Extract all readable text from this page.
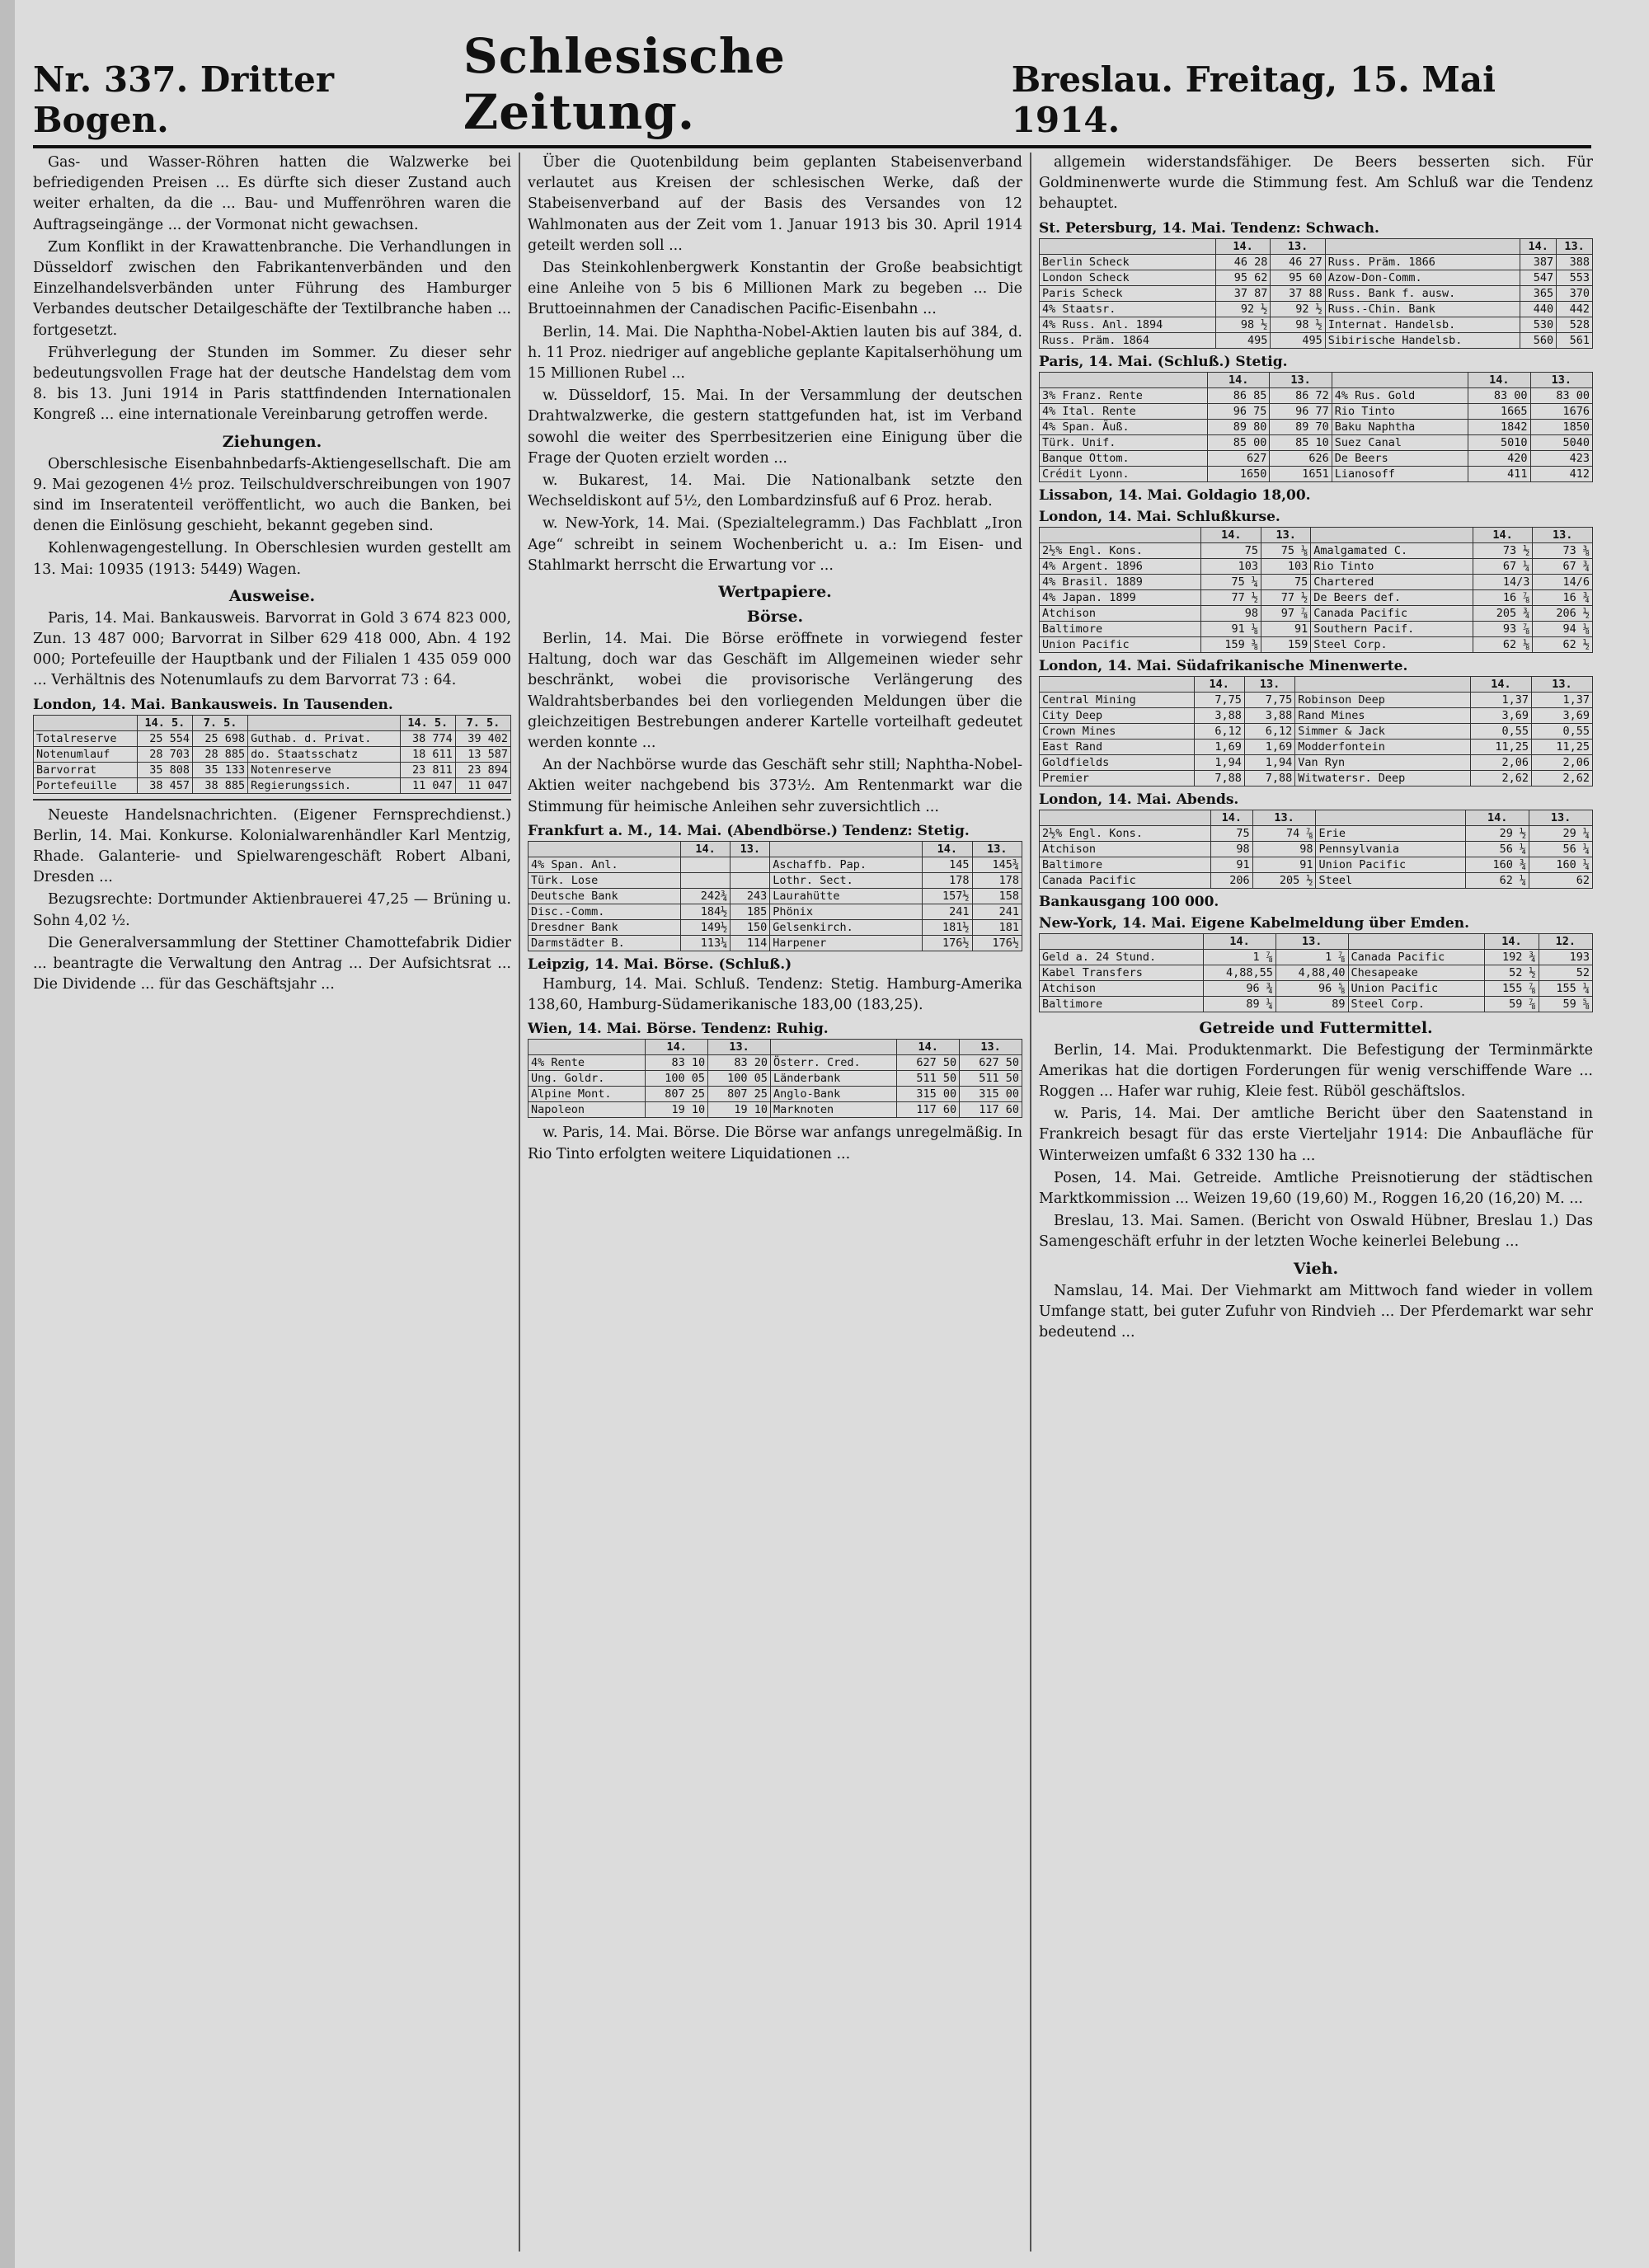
Nr. 337. Dritter Bogen.
Schlesische Zeitung.
Breslau. Freitag, 15. Mai 1914.

Gas- und Wasser-Röhren hatten die Walzwerke bei befriedigenden Preisen ... Es dürfte sich dieser Zustand auch weiter erhalten, da die ... Bau- und Muffenröhren waren die Auftragseingänge ... der Vormonat nicht gewachsen.

Zum Konflikt in der Krawattenbranche. Die Verhandlungen in Düsseldorf zwischen den Fabrikantenverbänden und den Einzelhandelsverbänden unter Führung des Hamburger Verbandes deutscher Detailgeschäfte der Textilbranche haben ... fortgesetzt.

Frühverlegung der Stunden im Sommer. Zu dieser sehr bedeutungsvollen Frage hat der deutsche Handelstag dem vom 8. bis 13. Juni 1914 in Paris stattfindenden Internationalen Kongreß ... eine internationale Vereinbarung getroffen werde.

Ziehungen.

Oberschlesische Eisenbahnbedarfs-Aktiengesellschaft. Die am 9. Mai gezogenen 4½ proz. Teilschuldverschreibungen von 1907 sind im Inseratenteil veröffentlicht, wo auch die Banken, bei denen die Einlösung geschieht, bekannt gegeben sind.

Kohlenwagengestellung. In Oberschlesien wurden gestellt am 13. Mai: 10935 (1913: 5449) Wagen.

Ausweise.

Paris, 14. Mai. Bankausweis. Barvorrat in Gold 3 674 823 000, Zun. 13 487 000; Barvorrat in Silber 629 418 000, Abn. 4 192 000; Portefeuille der Hauptbank und der Filialen 1 435 059 000 ... Verhältnis des Notenumlaufs zu dem Barvorrat 73 : 64.

London, 14. Mai. Bankausweis. In Tausenden.
	14. 5.	7. 5.		14. 5.	7. 5.
Totalreserve	25 554	25 698	Guthab. d. Privat.	38 774	39 402
Notenumlauf	28 703	28 885	do. Staatsschatz	18 611	13 587
Barvorrat	35 808	35 133	Notenreserve	23 811	23 894
Portefeuille	38 457	38 885	Regierungssich.	11 047	11 047

Neueste Handelsnachrichten. (Eigener Fernsprechdienst.) Berlin, 14. Mai. Konkurse. Kolonialwarenhändler Karl Mentzig, Rhade. Galanterie- und Spielwarengeschäft Robert Albani, Dresden ...

Bezugsrechte: Dortmunder Aktienbrauerei 47,25 — Brüning u. Sohn 4,02 ½.

Die Generalversammlung der Stettiner Chamottefabrik Didier ... beantragte die Verwaltung den Antrag ... Der Aufsichtsrat ... Die Dividende ... für das Geschäftsjahr ...

Über die Quotenbildung beim geplanten Stabeisenverband verlautet aus Kreisen der schlesischen Werke, daß der Stabeisenverband auf der Basis des Versandes von 12 Wahlmonaten aus der Zeit vom 1. Januar 1913 bis 30. April 1914 geteilt werden soll ...

Das Steinkohlenbergwerk Konstantin der Große beabsichtigt eine Anleihe von 5 bis 6 Millionen Mark zu begeben ... Die Bruttoeinnahmen der Canadischen Pacific-Eisenbahn ...

Berlin, 14. Mai. Die Naphtha-Nobel-Aktien lauten bis auf 384, d. h. 11 Proz. niedriger auf angebliche geplante Kapitalserhöhung um 15 Millionen Rubel ...

w. Düsseldorf, 15. Mai. In der Versammlung der deutschen Drahtwalzwerke, die gestern stattgefunden hat, ist im Verband sowohl die weiter des Sperrbesitzerien eine Einigung über die Frage der Quoten erzielt worden ...

w. Bukarest, 14. Mai. Die Nationalbank setzte den Wechseldiskont auf 5½, den Lombardzinsfuß auf 6 Proz. herab.

w. New-York, 14. Mai. (Spezialtelegramm.) Das Fachblatt „Iron Age“ schreibt in seinem Wochenbericht u. a.: Im Eisen- und Stahlmarkt herrscht die Erwartung vor ...

Wertpapiere.
Börse.

Berlin, 14. Mai. Die Börse eröffnete in vorwiegend fester Haltung, doch war das Geschäft im Allgemeinen wieder sehr beschränkt, wobei die provisorische Verlängerung des Waldrahtsberbandes bei den vorliegenden Meldungen über die gleichzeitigen Bestrebungen anderer Kartelle vorteilhaft gedeutet werden konnte ...

An der Nachbörse wurde das Geschäft sehr still; Naphtha-Nobel-Aktien weiter nachgebend bis 373½. Am Rentenmarkt war die Stimmung für heimische Anleihen sehr zuversichtlich ...

Frankfurt a. M., 14. Mai. (Abendbörse.) Tendenz: Stetig.
	14.	13.		14.	13.
4% Span. Anl.			Aschaffb. Pap.	145	145¾
Türk. Lose			Lothr. Sect.	178	178
Deutsche Bank	242¾	243	Laurahütte	157½	158
Disc.-Comm.	184½	185	Phönix	241	241
Dresdner Bank	149½	150	Gelsenkirch.	181½	181
Darmstädter B.	113¼	114	Harpener	176½	176½
Leipzig, 14. Mai. Börse. (Schluß.)

Hamburg, 14. Mai. Schluß. Tendenz: Stetig. Hamburg-Amerika 138,60, Hamburg-Südamerikanische 183,00 (183,25).

Wien, 14. Mai. Börse. Tendenz: Ruhig.
	14.	13.		14.	13.
4% Rente	83 10	83 20	Österr. Cred.	627 50	627 50
Ung. Goldr.	100 05	100 05	Länderbank	511 50	511 50
Alpine Mont.	807 25	807 25	Anglo-Bank	315 00	315 00
Napoleon	19 10	19 10	Marknoten	117 60	117 60

w. Paris, 14. Mai. Börse. Die Börse war anfangs unregelmäßig. In Rio Tinto erfolgten weitere Liquidationen ...

allgemein widerstandsfähiger. De Beers besserten sich. Für Goldminenwerte wurde die Stimmung fest. Am Schluß war die Tendenz behauptet.

St. Petersburg, 14. Mai. Tendenz: Schwach.
	14.	13.		14.	13.
Berlin Scheck	46 28	46 27	Russ. Präm. 1866	387	388
London Scheck	95 62	95 60	Azow-Don-Comm.	547	553
Paris Scheck	37 87	37 88	Russ. Bank f. ausw.	365	370
4% Staatsr.	92 ½	92 ½	Russ.-Chin. Bank	440	442
4% Russ. Anl. 1894	98 ½	98 ½	Internat. Handelsb.	530	528
Russ. Präm. 1864	495	495	Sibirische Handelsb.	560	561
Paris, 14. Mai. (Schluß.) Stetig.
	14.	13.		14.	13.
3% Franz. Rente	86 85	86 72	4% Rus. Gold	83 00	83 00
4% Ital. Rente	96 75	96 77	Rio Tinto	1665	1676
4% Span. Äuß.	89 80	89 70	Baku Naphtha	1842	1850
Türk. Unif.	85 00	85 10	Suez Canal	5010	5040
Banque Ottom.	627	626	De Beers	420	423
Crédit Lyonn.	1650	1651	Lianosoff	411	412
Lissabon, 14. Mai. Goldagio 18,00.
London, 14. Mai. Schlußkurse.
	14.	13.		14.	13.
2½% Engl. Kons.	75	75 ⅛	Amalgamated C.	73 ½	73 ⅜
4% Argent. 1896	103	103	Rio Tinto	67 ¼	67 ¾
4% Brasil. 1889	75 ¼	75	Chartered	14/3	14/6
4% Japan. 1899	77 ½	77 ½	De Beers def.	16 ⅞	16 ¾
Atchison	98	97 ⅞	Canada Pacific	205 ¾	206 ½
Baltimore	91 ⅛	91	Southern Pacif.	93 ⅞	94 ⅛
Union Pacific	159 ⅜	159	Steel Corp.	62 ⅛	62 ½
London, 14. Mai. Südafrikanische Minenwerte.
	14.	13.		14.	13.
Central Mining	7,75	7,75	Robinson Deep	1,37	1,37
City Deep	3,88	3,88	Rand Mines	3,69	3,69
Crown Mines	6,12	6,12	Simmer & Jack	0,55	0,55
East Rand	1,69	1,69	Modderfontein	11,25	11,25
Goldfields	1,94	1,94	Van Ryn	2,06	2,06
Premier	7,88	7,88	Witwatersr. Deep	2,62	2,62
London, 14. Mai. Abends.
	14.	13.		14.	13.
2½% Engl. Kons.	75	74 ⅞	Erie	29 ½	29 ¼
Atchison	98	98	Pennsylvania	56 ¼	56 ¼
Baltimore	91	91	Union Pacific	160 ¾	160 ¼
Canada Pacific	206	205 ½	Steel	62 ¼	62
Bankausgang 100 000.
New-York, 14. Mai. Eigene Kabelmeldung über Emden.
	14.	13.		14.	12.
Geld a. 24 Stund.	1 ⅞	1 ⅞	Canada Pacific	192 ¾	193
Kabel Transfers	4,88,55	4,88,40	Chesapeake	52 ½	52
Atchison	96 ¾	96 ⅝	Union Pacific	155 ⅞	155 ¼
Baltimore	89 ¼	89	Steel Corp.	59 ⅞	59 ⅝
Getreide und Futtermittel.

Berlin, 14. Mai. Produktenmarkt. Die Befestigung der Terminmärkte Amerikas hat die dortigen Forderungen für wenig verschiffende Ware ... Roggen ... Hafer war ruhig, Kleie fest. Rüböl geschäftslos.

w. Paris, 14. Mai. Der amtliche Bericht über den Saatenstand in Frankreich besagt für das erste Vierteljahr 1914: Die Anbaufläche für Winterweizen umfaßt 6 332 130 ha ...

Posen, 14. Mai. Getreide. Amtliche Preisnotierung der städtischen Marktkommission ... Weizen 19,60 (19,60) M., Roggen 16,20 (16,20) M. ...

Breslau, 13. Mai. Samen. (Bericht von Oswald Hübner, Breslau 1.) Das Samengeschäft erfuhr in der letzten Woche keinerlei Belebung ...

Vieh.

Namslau, 14. Mai. Der Viehmarkt am Mittwoch fand wieder in vollem Umfange statt, bei guter Zufuhr von Rindvieh ... Der Pferdemarkt war sehr bedeutend ...
